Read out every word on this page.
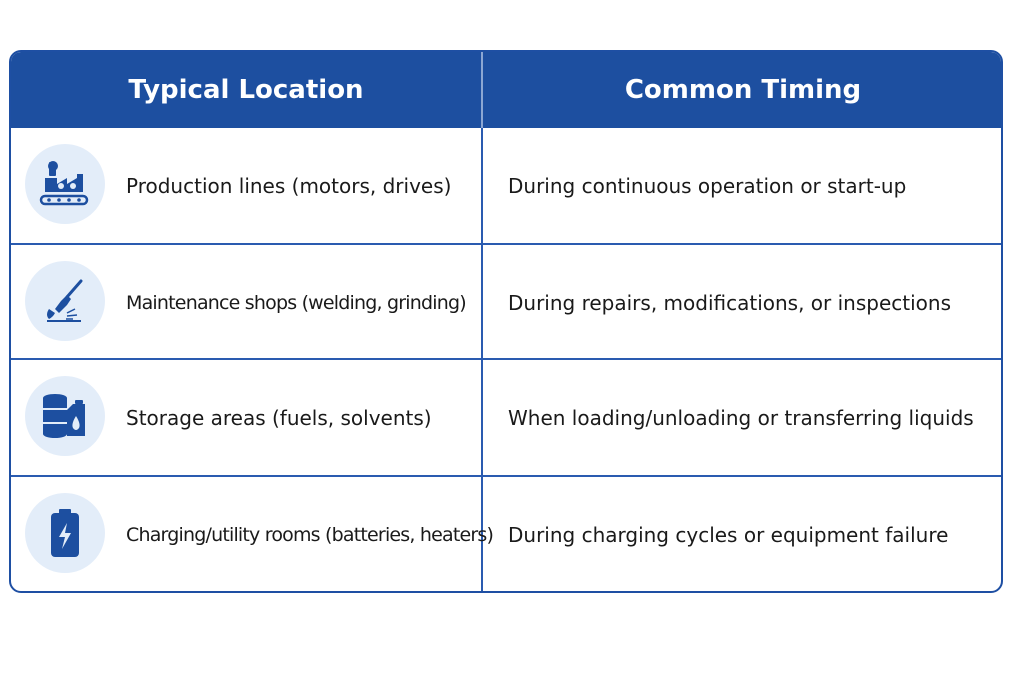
Typical Location	Common Timing
Production lines (motors, drives)	During continuous operation or start-up
Maintenance shops (welding, grinding) During repairs, modifications, or inspections
Storage areas (fuels, solvents)	When loading/unloading or transferring liquids
Charging/utility rooms (batteries, heaters) During charging cycles or equipment failure
